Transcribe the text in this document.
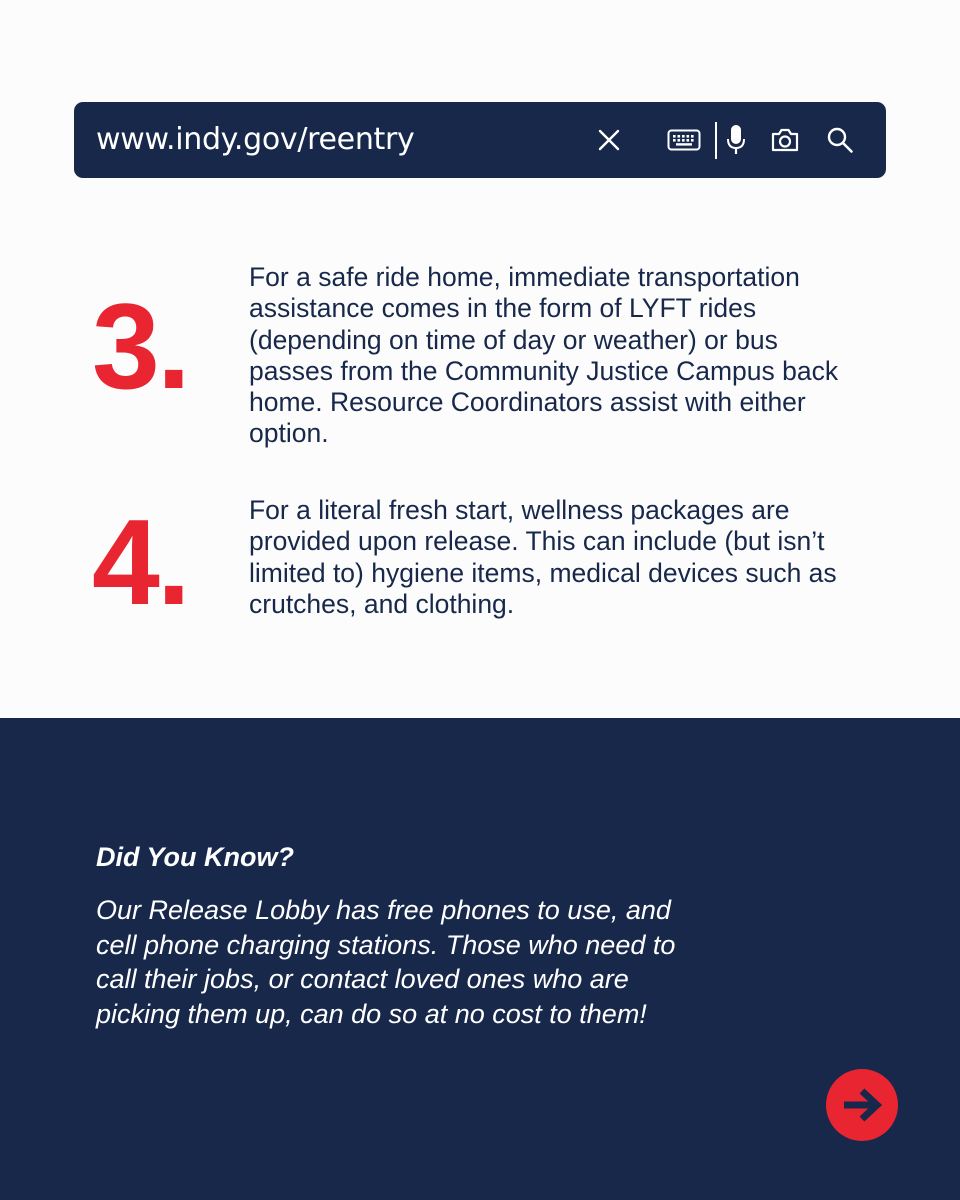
www.indy.gov/reentry
3.
For a safe ride home, immediate transportation assistance comes in the form of LYFT rides (depending on time of day or weather) or bus passes from the Community Justice Campus back home. Resource Coordinators assist with either option.
4. For a literal fresh start, wellness packages are provided upon release. This can include (but isn’t limited to) hygiene items, medical devices such as crutches, and clothing.
Did You Know?
Our Release Lobby has free phones to use, and cell phone charging stations. Those who need to call their jobs, or contact loved ones who are picking them up, can do so at no cost to them!
